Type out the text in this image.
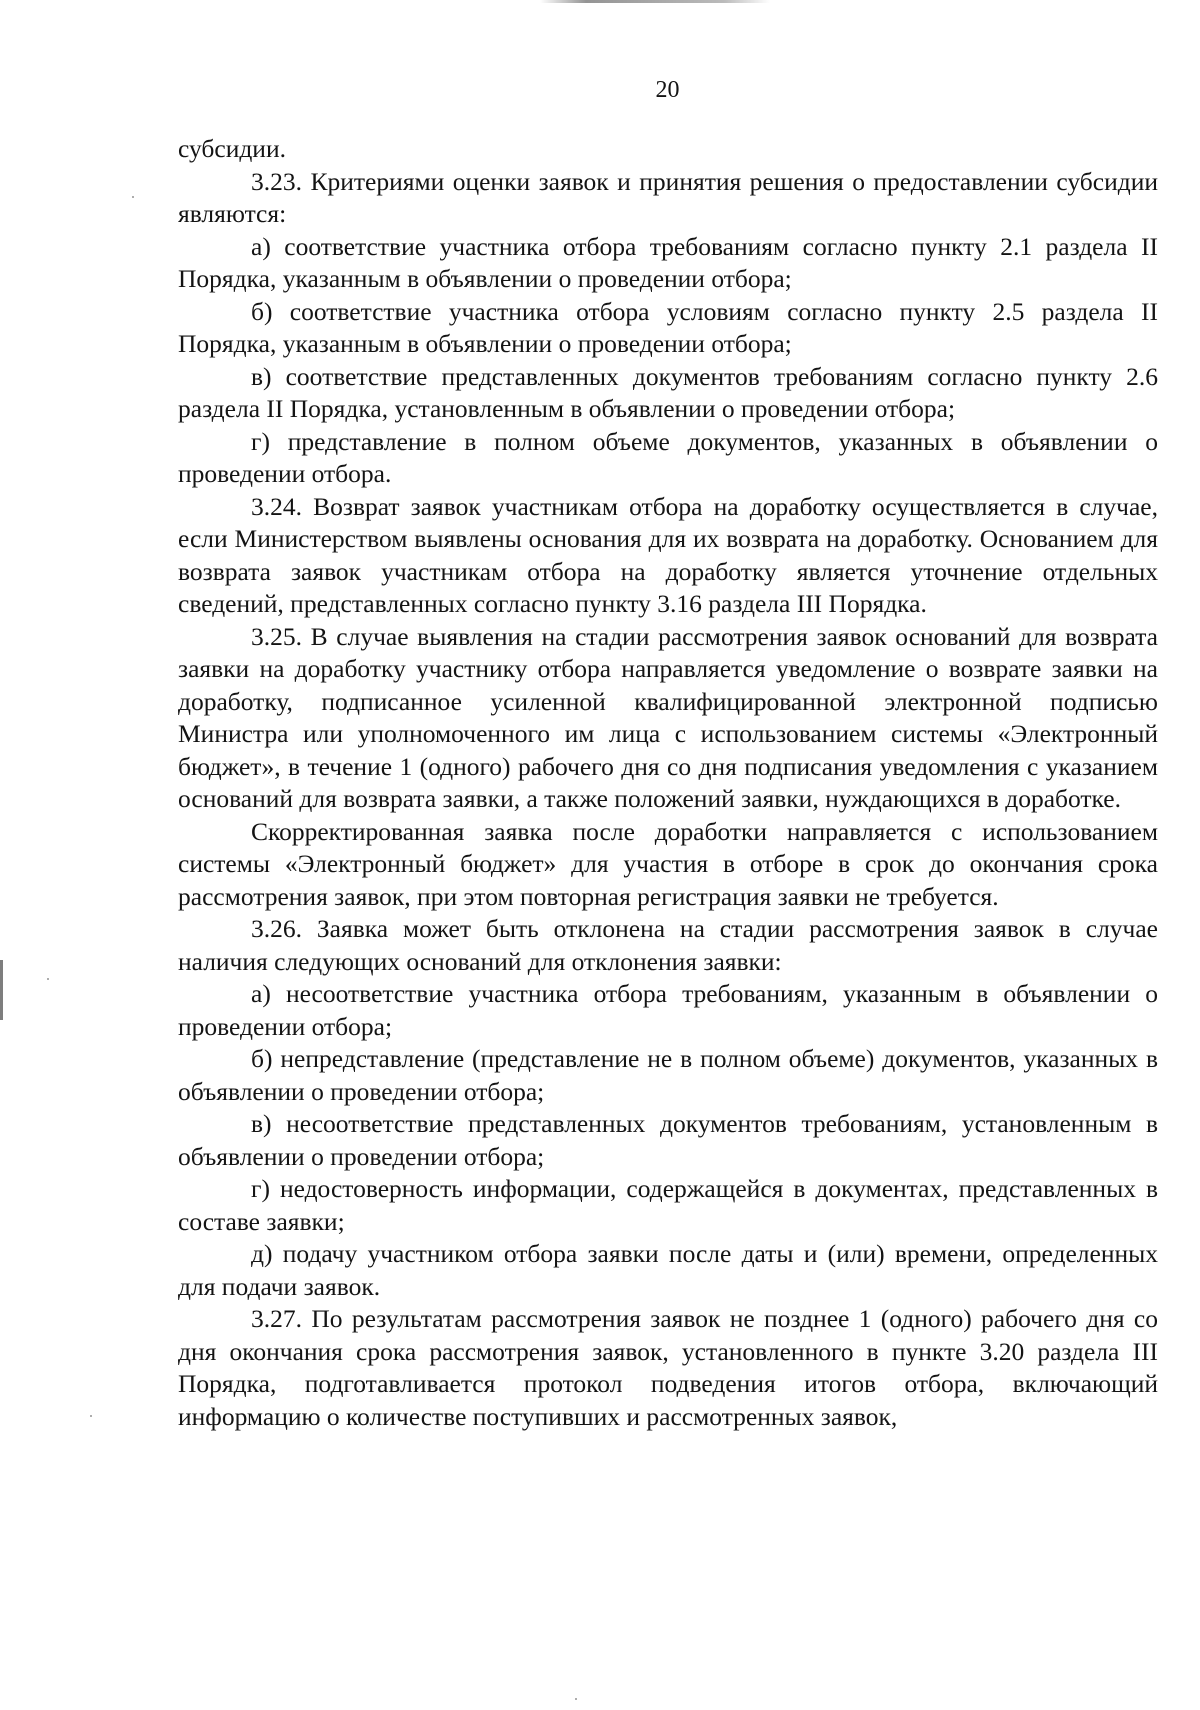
20

субсидии.

3.23. Критериями оценки заявок и принятия решения о предоставлении субсидии являются:

а) соответствие участника отбора требованиям согласно пункту 2.1 раздела II Порядка, указанным в объявлении о проведении отбора;

б) соответствие участника отбора условиям согласно пункту 2.5 раздела II Порядка, указанным в объявлении о проведении отбора;

в) соответствие представленных документов требованиям согласно пункту 2.6 раздела II Порядка, установленным в объявлении о проведении отбора;

г) представление в полном объеме документов, указанных в объявлении о проведении отбора.

3.24. Возврат заявок участникам отбора на доработку осуществляется в случае, если Министерством выявлены основания для их возврата на доработку. Основанием для возврата заявок участникам отбора на доработку является уточнение отдельных сведений, представленных согласно пункту 3.16 раздела III Порядка.

3.25. В случае выявления на стадии рассмотрения заявок оснований для возврата заявки на доработку участнику отбора направляется уведомление о возврате заявки на доработку, подписанное усиленной квалифицированной электронной подписью Министра или уполномоченного им лица с использованием системы «Электронный бюджет», в течение 1 (одного) рабочего дня со дня подписания уведомления с указанием оснований для возврата заявки, а также положений заявки, нуждающихся в доработке.

Скорректированная заявка после доработки направляется с использованием системы «Электронный бюджет» для участия в отборе в срок до окончания срока рассмотрения заявок, при этом повторная регистрация заявки не требуется.

3.26. Заявка может быть отклонена на стадии рассмотрения заявок в случае наличия следующих оснований для отклонения заявки:

а) несоответствие участника отбора требованиям, указанным в объявлении о проведении отбора;

б) непредставление (представление не в полном объеме) документов, указанных в объявлении о проведении отбора;

в) несоответствие представленных документов требованиям, установленным в объявлении о проведении отбора;

г) недостоверность информации, содержащейся в документах, представленных в составе заявки;

д) подачу участником отбора заявки после даты и (или) времени, определенных для подачи заявок.

3.27. По результатам рассмотрения заявок не позднее 1 (одного) рабочего дня со дня окончания срока рассмотрения заявок, установленного в пункте 3.20 раздела III Порядка, подготавливается протокол подведения итогов отбора, включающий информацию о количестве поступивших и рассмотренных заявок,
